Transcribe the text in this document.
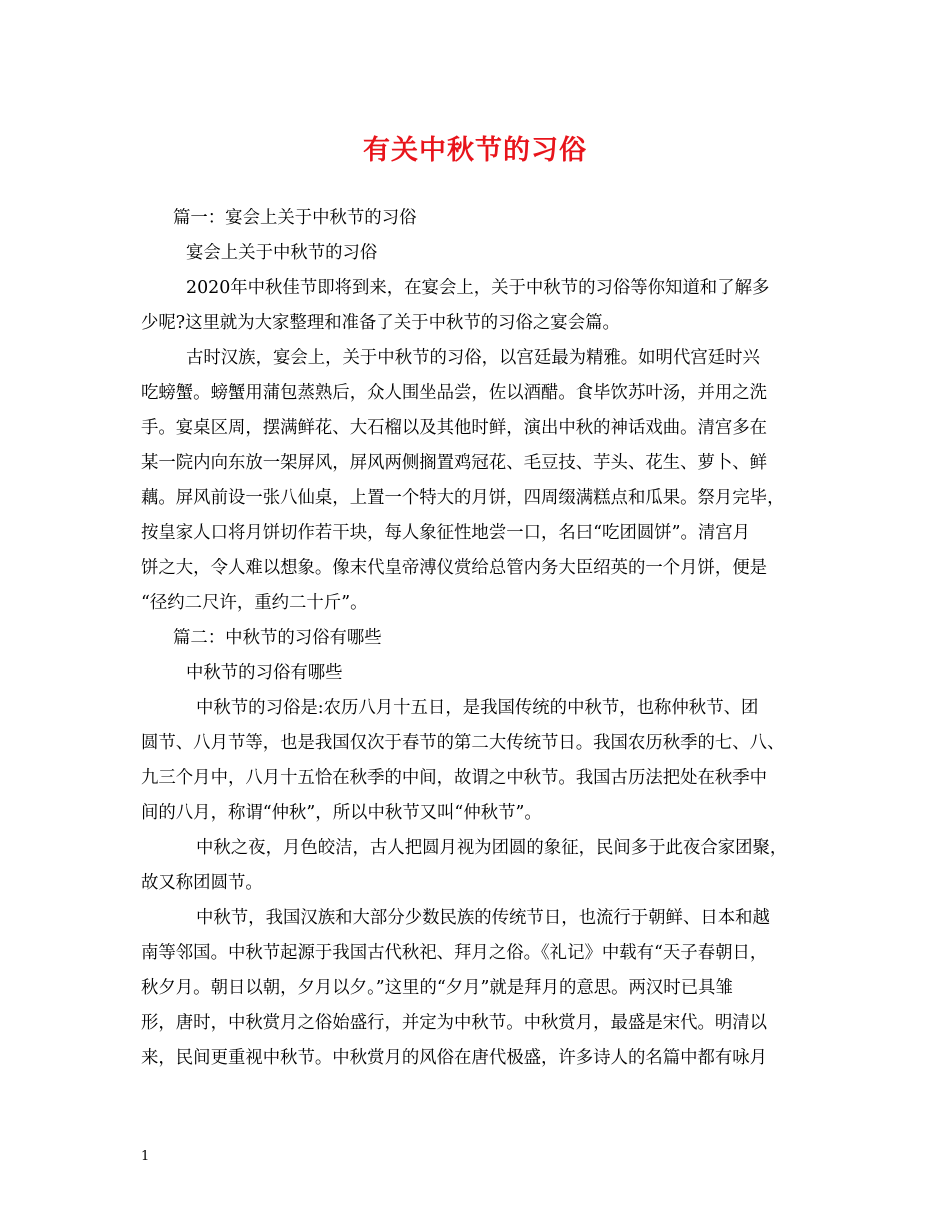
有关中秋节的习俗
篇一：宴会上关于中秋节的习俗
宴会上关于中秋节的习俗
2020年中秋佳节即将到来，在宴会上，关于中秋节的习俗等你知道和了解多
少呢?这里就为大家整理和准备了关于中秋节的习俗之宴会篇。
古时汉族，宴会上，关于中秋节的习俗，以宫廷最为精雅。如明代宫廷时兴
吃螃蟹。螃蟹用蒲包蒸熟后，众人围坐品尝，佐以酒醋。食毕饮苏叶汤，并用之洗
手。宴桌区周，摆满鲜花、大石榴以及其他时鲜，演出中秋的神话戏曲。清宫多在
某一院内向东放一架屏风，屏风两侧搁置鸡冠花、毛豆技、芋头、花生、萝卜、鲜
藕。屏风前设一张八仙桌，上置一个特大的月饼，四周缀满糕点和瓜果。祭月完毕，
按皇家人口将月饼切作若干块，每人象征性地尝一口，名曰“吃团圆饼”。清宫月
饼之大，令人难以想象。像末代皇帝溥仪赏给总管内务大臣绍英的一个月饼，便是
“径约二尺许，重约二十斤”。
篇二：中秋节的习俗有哪些
中秋节的习俗有哪些
中秋节的习俗是:农历八月十五日，是我国传统的中秋节，也称仲秋节、团
圆节、八月节等，也是我国仅次于春节的第二大传统节日。我国农历秋季的七、八、
九三个月中，八月十五恰在秋季的中间，故谓之中秋节。我国古历法把处在秋季中
间的八月，称谓“仲秋”，所以中秋节又叫“仲秋节”。
中秋之夜，月色皎洁，古人把圆月视为团圆的象征，民间多于此夜合家团聚，
故又称团圆节。
中秋节，我国汉族和大部分少数民族的传统节日，也流行于朝鲜、日本和越
南等邻国。中秋节起源于我国古代秋祀、拜月之俗。《礼记》中载有“天子春朝日，
秋夕月。朝日以朝，夕月以夕。”这里的“夕月”就是拜月的意思。两汉时已具雏
形，唐时，中秋赏月之俗始盛行，并定为中秋节。中秋赏月，最盛是宋代。明清以
来，民间更重视中秋节。中秋赏月的风俗在唐代极盛，许多诗人的名篇中都有咏月
1
